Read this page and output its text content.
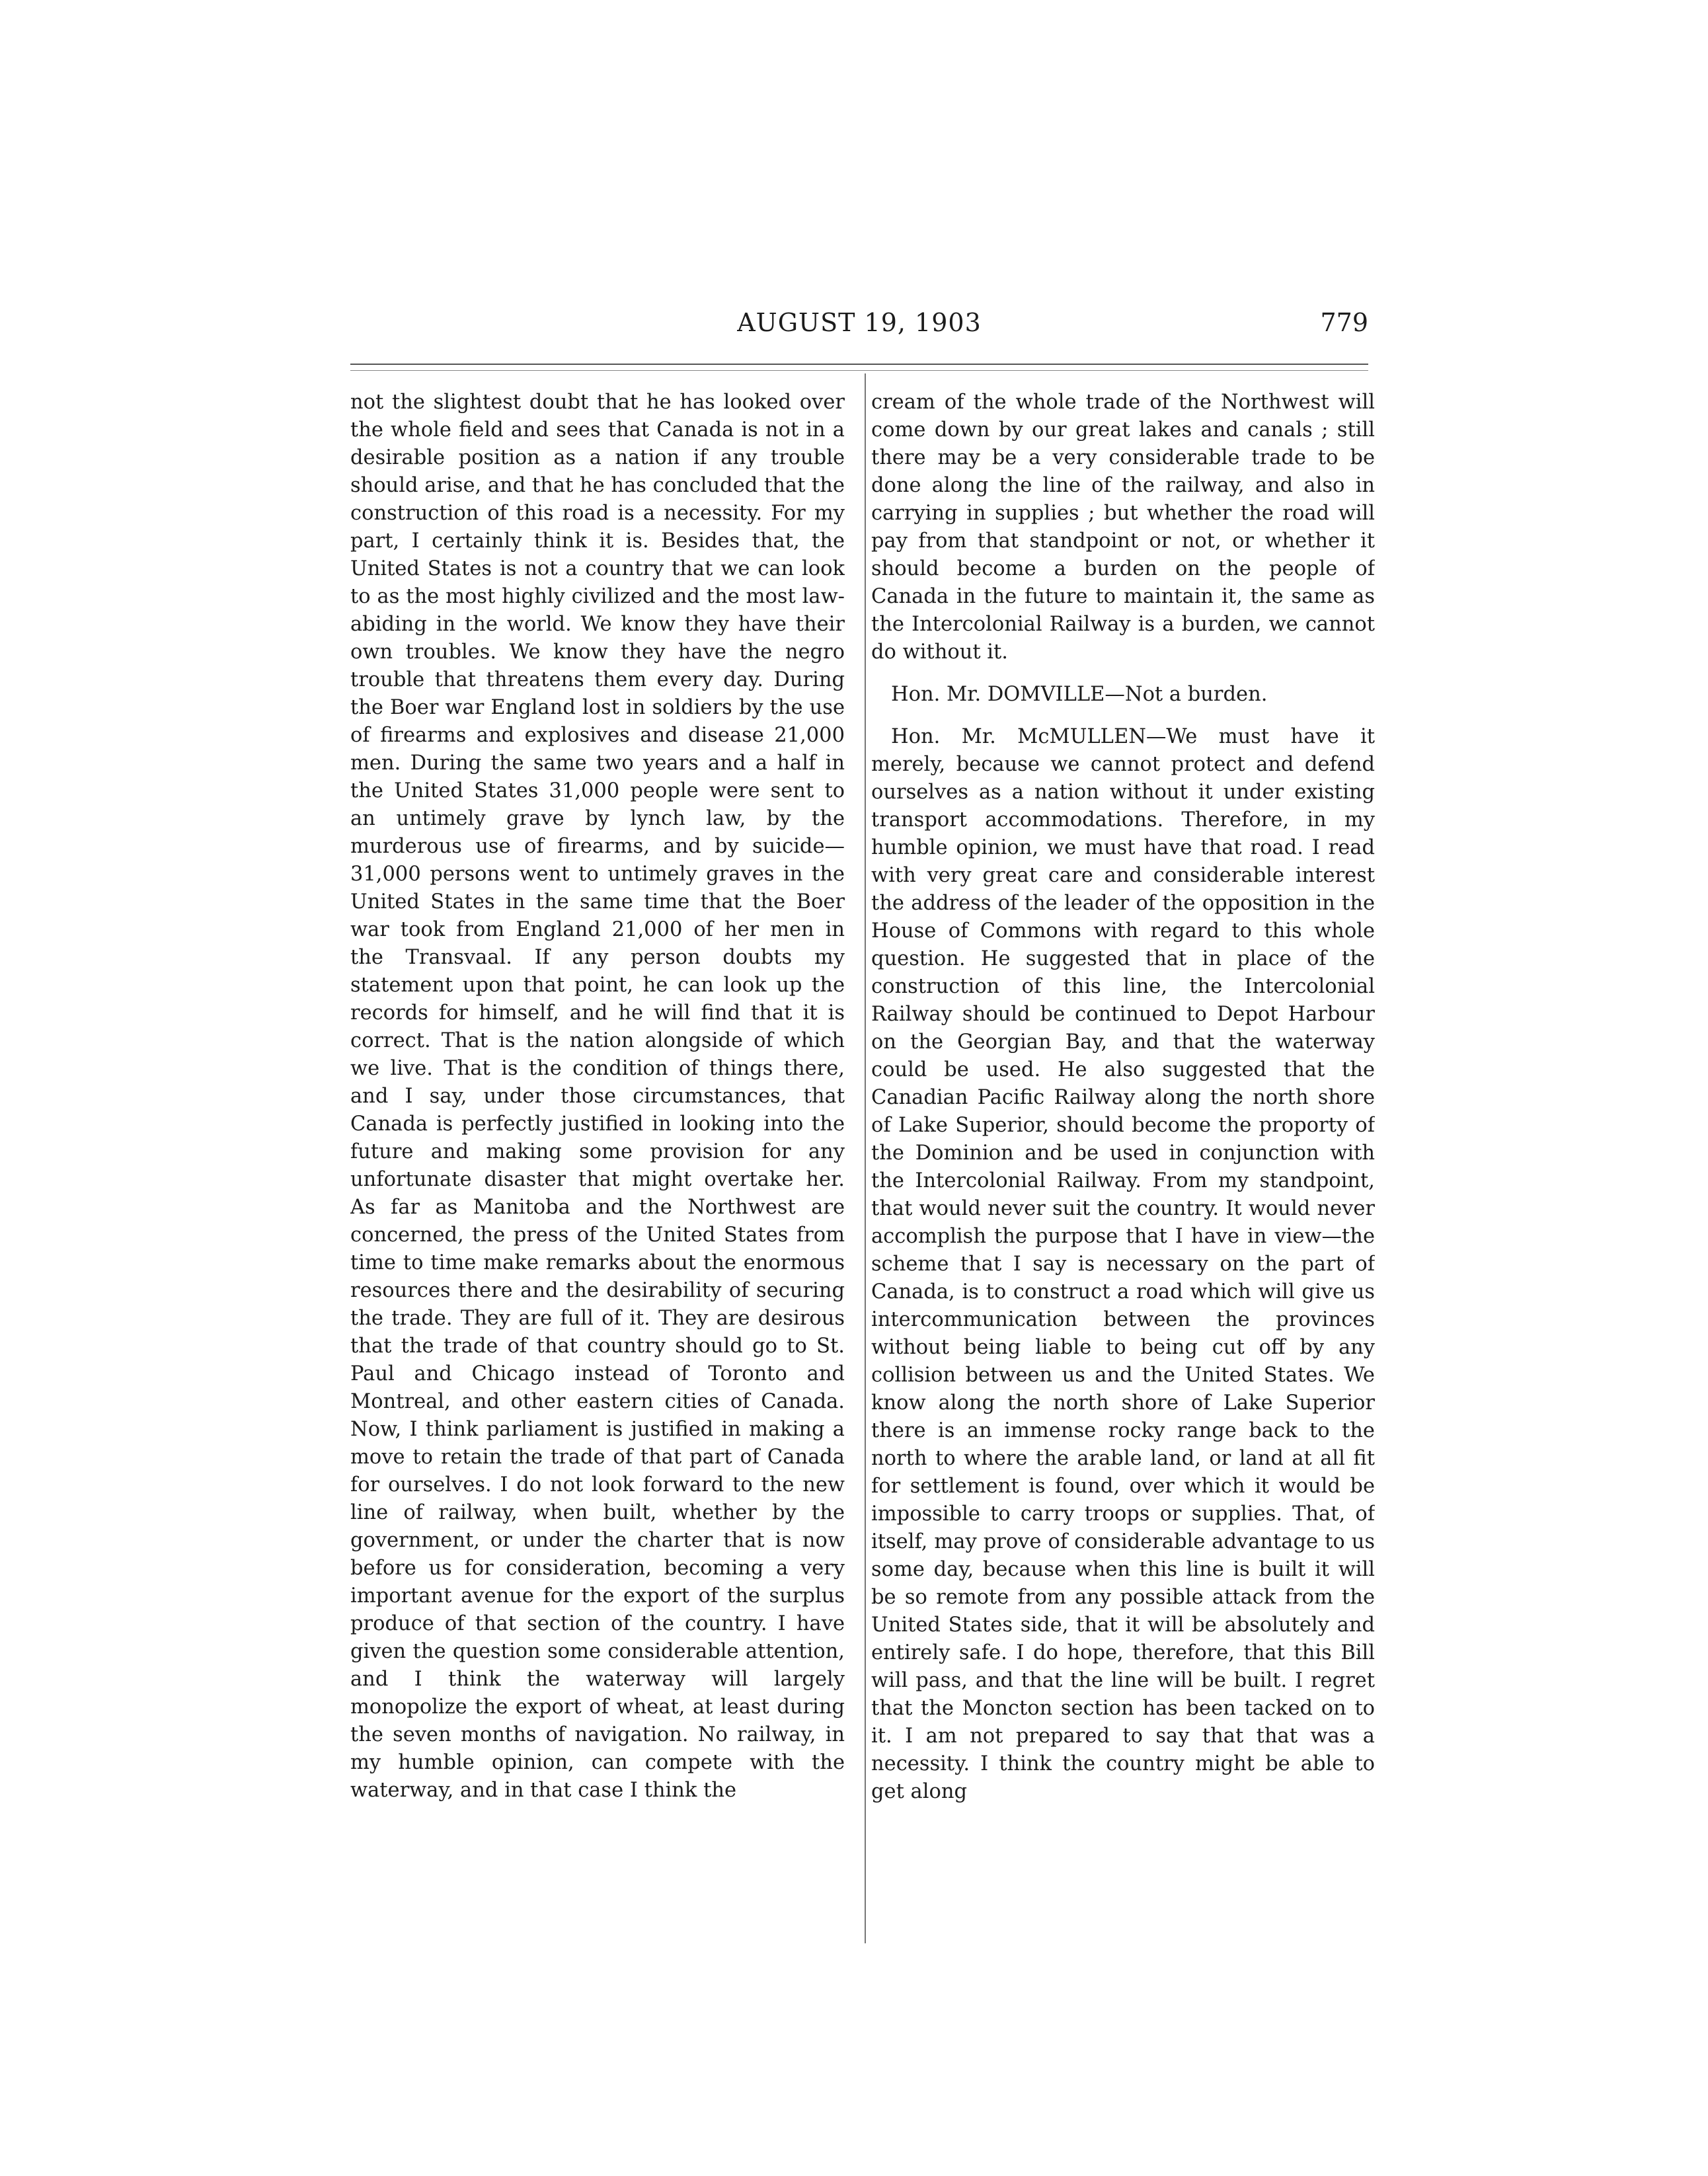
AUGUST 19, 1903	779

not the slightest doubt that he has looked over the whole field and sees that Canada is not in a desirable position as a nation if any trouble should arise, and that he has concluded that the construction of this road is a necessity. For my part, I certainly think it is. Besides that, the United States is not a country that we can look to as the most highly civilized and the most law-abiding in the world. We know they have their own troubles. We know they have the negro trouble that threatens them every day. During the Boer war England lost in soldiers by the use of firearms and explosives and disease 21,000 men. During the same two years and a half in the United States 31,000 people were sent to an untimely grave by lynch law, by the murderous use of firearms, and by suicide—31,000 persons went to untimely graves in the United States in the same time that the Boer war took from England 21,000 of her men in the Transvaal. If any person doubts my statement upon that point, he can look up the records for himself, and he will find that it is correct. That is the nation alongside of which we live. That is the condition of things there, and I say, under those circumstances, that Canada is perfectly justified in looking into the future and making some provision for any unfortunate disaster that might overtake her. As far as Manitoba and the Northwest are concerned, the press of the United States from time to time make remarks about the enormous resources there and the desirability of securing the trade. They are full of it. They are desirous that the trade of that country should go to St. Paul and Chicago instead of Toronto and Montreal, and other eastern cities of Canada. Now, I think parliament is justified in making a move to retain the trade of that part of Canada for ourselves. I do not look forward to the new line of railway, when built, whether by the government, or under the charter that is now before us for consideration, becoming a very important avenue for the export of the surplus produce of that section of the country. I have given the question some considerable attention, and I think the waterway will largely monopolize the export of wheat, at least during the seven months of navigation. No railway, in my humble opinion, can compete with the waterway, and in that case I think the

cream of the whole trade of the Northwest will come down by our great lakes and canals ; still there may be a very considerable trade to be done along the line of the railway, and also in carrying in supplies ; but whether the road will pay from that standpoint or not, or whether it should become a burden on the people of Canada in the future to maintain it, the same as the Intercolonial Railway is a burden, we cannot do without it.

Hon. Mr. DOMVILLE—Not a burden.

Hon. Mr. McMULLEN—We must have it merely, because we cannot protect and defend ourselves as a nation without it under existing transport accommodations. Therefore, in my humble opinion, we must have that road. I read with very great care and considerable interest the address of the leader of the opposition in the House of Commons with regard to this whole question. He suggested that in place of the construction of this line, the Intercolonial Railway should be continued to Depot Harbour on the Georgian Bay, and that the waterway could be used. He also suggested that the Canadian Pacific Railway along the north shore of Lake Superior, should become the proporty of the Dominion and be used in conjunction with the Intercolonial Railway. From my standpoint, that would never suit the country. It would never accomplish the purpose that I have in view—the scheme that I say is necessary on the part of Canada, is to construct a road which will give us intercommunication between the provinces without being liable to being cut off by any collision between us and the United States. We know along the north shore of Lake Superior there is an immense rocky range back to the north to where the arable land, or land at all fit for settlement is found, over which it would be impossible to carry troops or supplies. That, of itself, may prove of considerable advantage to us some day, because when this line is built it will be so remote from any possible attack from the United States side, that it will be absolutely and entirely safe. I do hope, therefore, that this Bill will pass, and that the line will be built. I regret that the Moncton section has been tacked on to it. I am not prepared to say that that was a necessity. I think the country might be able to get along
